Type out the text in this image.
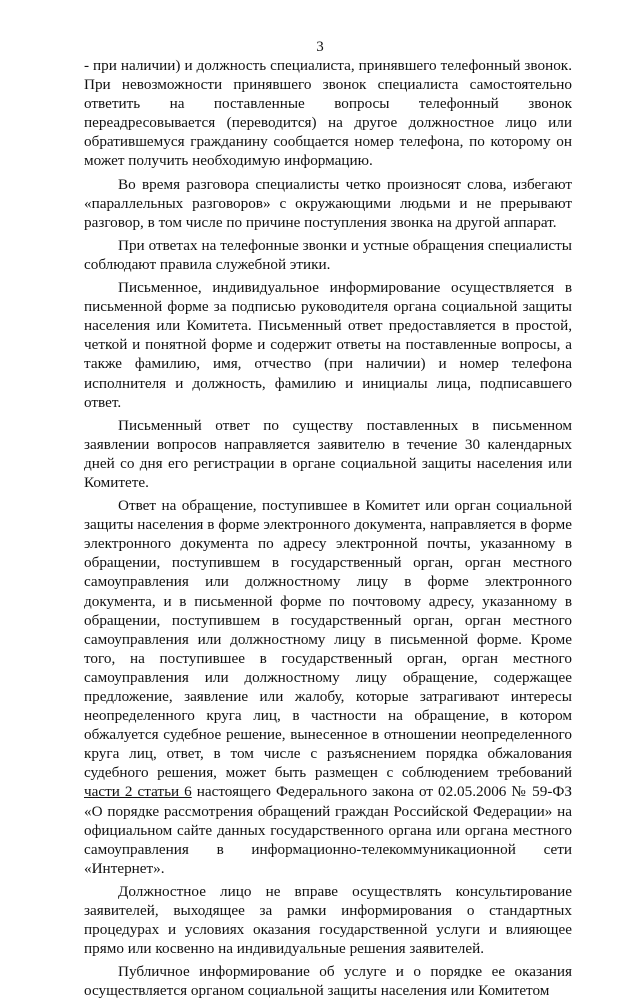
3

- при наличии) и должность специалиста, принявшего телефонный звонок. При невозможности принявшего звонок специалиста самостоятельно ответить на поставленные вопросы телефонный звонок переадресовывается (переводится) на другое должностное лицо или обратившемуся гражданину сообщается номер телефона, по которому он может получить необходимую информацию.

Во время разговора специалисты четко произносят слова, избегают «параллельных разговоров» с окружающими людьми и не прерывают разговор, в том числе по причине поступления звонка на другой аппарат.

При ответах на телефонные звонки и устные обращения специалисты соблюдают правила служебной этики.

Письменное, индивидуальное информирование осуществляется в письменной форме за подписью руководителя органа социальной защиты населения или Комитета. Письменный ответ предоставляется в простой, четкой и понятной форме и содержит ответы на поставленные вопросы, а также фамилию, имя, отчество (при наличии) и номер телефона исполнителя и должность, фамилию и инициалы лица, подписавшего ответ.

Письменный ответ по существу поставленных в письменном заявлении вопросов направляется заявителю в течение 30 календарных дней со дня его регистрации в органе социальной защиты населения или Комитете.

Ответ на обращение, поступившее в Комитет или орган социальной защиты населения в форме электронного документа, направляется в форме электронного документа по адресу электронной почты, указанному в обращении, поступившем в государственный орган, орган местного самоуправления или должностному лицу в форме электронного документа, и в письменной форме по почтовому адресу, указанному в обращении, поступившем в государственный орган, орган местного самоуправления или должностному лицу в письменной форме. Кроме того, на поступившее в государственный орган, орган местного самоуправления или должностному лицу обращение, содержащее предложение, заявление или жалобу, которые затрагивают интересы неопределенного круга лиц, в частности на обращение, в котором обжалуется судебное решение, вынесенное в отношении неопределенного круга лиц, ответ, в том числе с разъяснением порядка обжалования судебного решения, может быть размещен с соблюдением требований части 2 статьи 6 настоящего Федерального закона от 02.05.2006 № 59-ФЗ «О порядке рассмотрения обращений граждан Российской Федерации» на официальном сайте данных государственного органа или органа местного самоуправления в информационно-телекоммуникационной сети «Интернет».

Должностное лицо не вправе осуществлять консультирование заявителей, выходящее за рамки информирования о стандартных процедурах и условиях оказания государственной услуги и влияющее прямо или косвенно на индивидуальные решения заявителей.

Публичное информирование об услуге и о порядке ее оказания осуществляется органом социальной защиты населения или Комитетом
